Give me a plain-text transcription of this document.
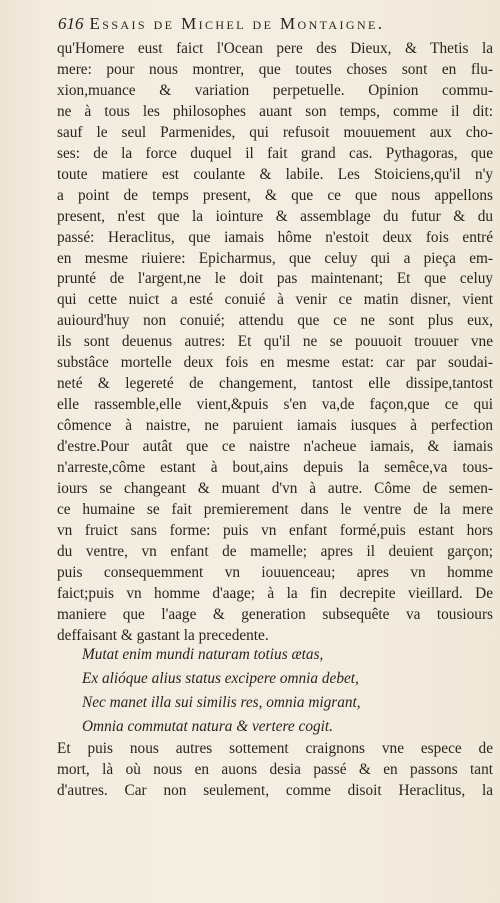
616 Essais de Michel de Montaigne.
qu'Homere eust faict l'Ocean pere des Dieux, & Thetis la
mere: pour nous montrer, que toutes choses sont en flu-
xion,muance & variation perpetuelle. Opinion commu-
ne à tous les philosophes auant son temps, comme il dit:
sauf le seul Parmenides, qui refusoit mouuement aux cho-
ses: de la force duquel il fait grand cas. Pythagoras, que
toute matiere est coulante & labile. Les Stoiciens,qu'il n'y
a point de temps present, & que ce que nous appellons
present, n'est que la iointure & assemblage du futur & du
passé: Heraclitus, que iamais hôme n'estoit deux fois entré
en mesme riuiere: Epicharmus, que celuy qui a pieça em-
prunté de l'argent,ne le doit pas maintenant; Et que celuy
qui cette nuict a esté conuié à venir ce matin disner, vient
auiourd'huy non conuié; attendu que ce ne sont plus eux,
ils sont deuenus autres: Et qu'il ne se pouuoit trouuer vne
substâce mortelle deux fois en mesme estat: car par soudai-
neté & legereté de changement, tantost elle dissipe,tantost
elle rassemble,elle vient,&puis s'en va,de façon,que ce qui
cômence à naistre, ne paruient iamais iusques à perfection
d'estre.Pour autât que ce naistre n'acheue iamais, & iamais
n'arreste,côme estant à bout,ains depuis la semêce,va tous-
iours se changeant & muant d'vn à autre. Côme de semen-
ce humaine se fait premierement dans le ventre de la mere
vn fruict sans forme: puis vn enfant formé,puis estant hors
du ventre, vn enfant de mamelle; apres il deuient garçon;
puis consequemment vn iouuenceau; apres vn homme
faict;puis vn homme d'aage; à la fin decrepite vieillard. De
maniere que l'aage & generation subsequête va tousiours
deffaisant & gastant la precedente.
Mutat enim mundi naturam totius ætas,
Ex alióque alius status excipere omnia debet,
Nec manet illa sui similis res, omnia migrant,
Omnia commutat natura & vertere cogit.
Et puis nous autres sottement craignons vne espece de
mort, là où nous en auons desia passé & en passons tant
d'autres. Car non seulement, comme disoit Heraclitus, la
